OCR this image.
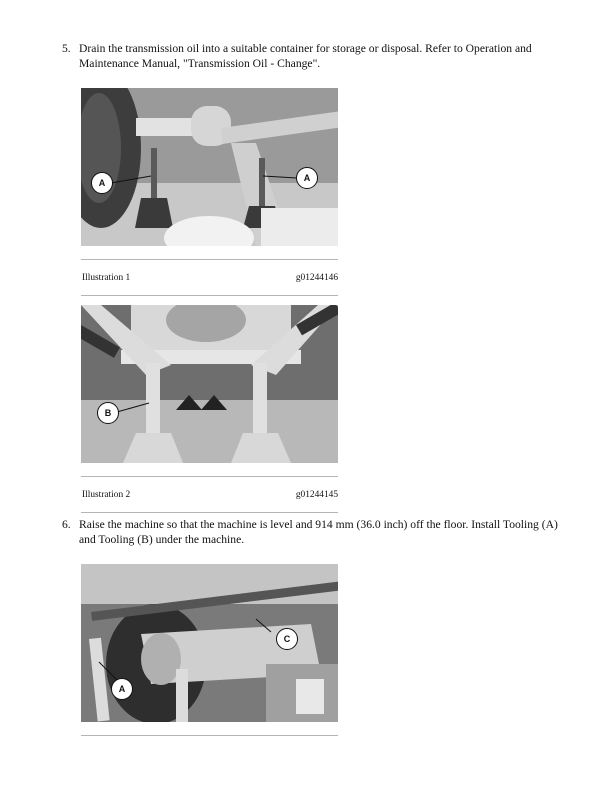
5. Drain the transmission oil into a suitable container for storage or disposal. Refer to Operation and Maintenance Manual, "Transmission Oil - Change".
A	A
Illustration 1	g01244146
B
Illustration 2	g01244145
6. Raise the machine so that the machine is level and 914 mm (36.0 inch) off the floor. Install Tooling (A) and Tooling (B) under the machine.
C
A
